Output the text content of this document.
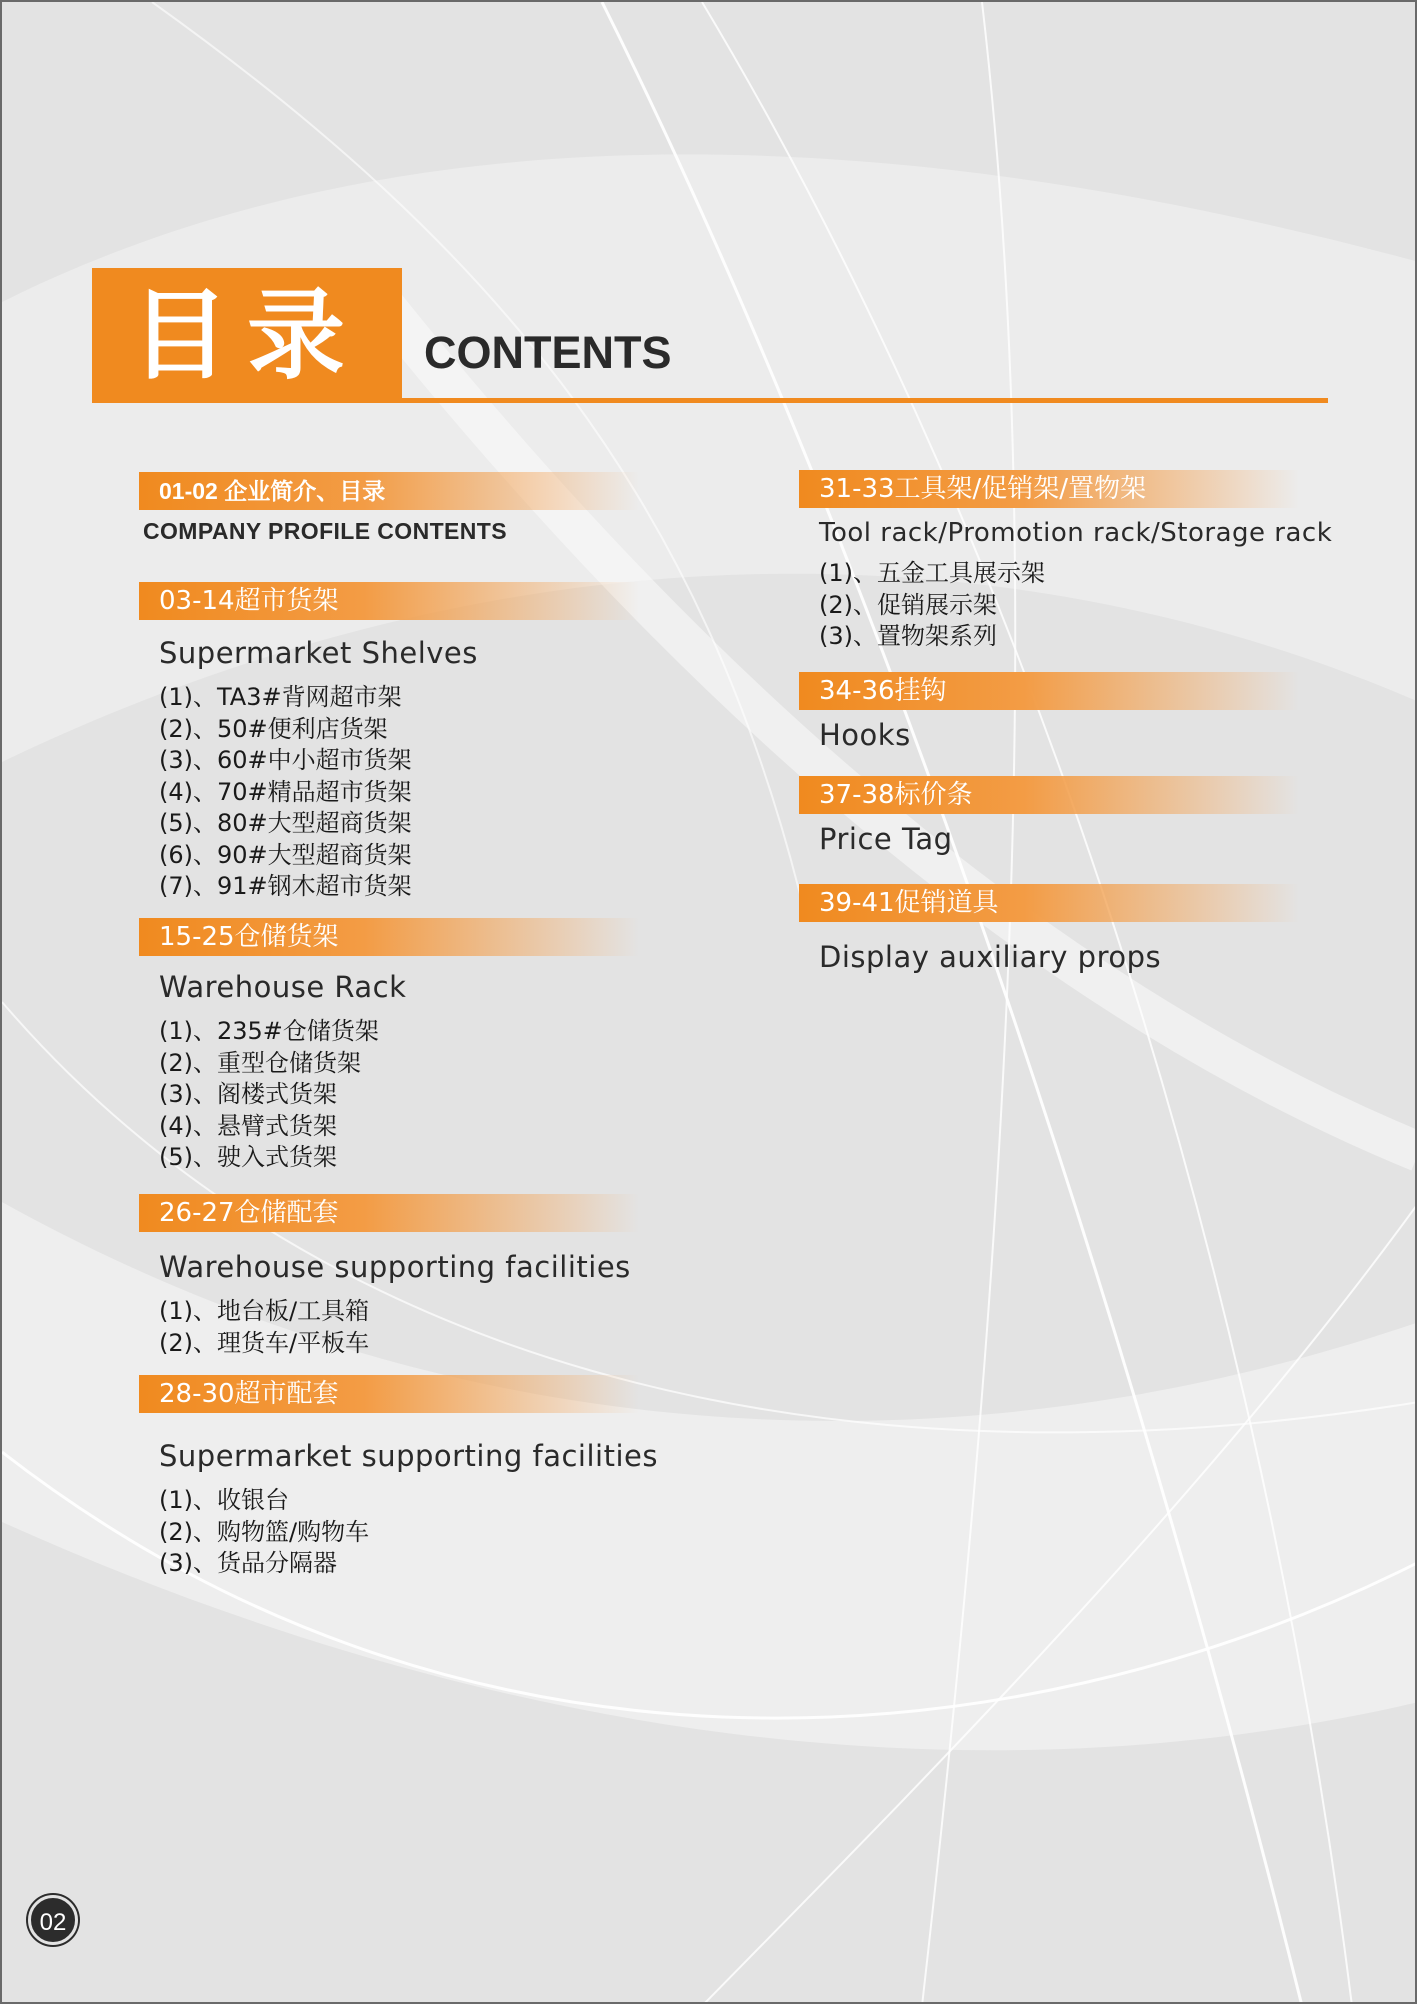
目录 CONTENTS
01-02 企业简介、目录
COMPANY PROFILE CONTENTS
03-14超市货架
Supermarket Shelves
(1)、TA3#背网超市架
(2)、50#便利店货架
(3)、60#中小超市货架
(4)、70#精品超市货架
(5)、80#大型超商货架
(6)、90#大型超商货架
(7)、91#钢木超市货架
15-25仓储货架
Warehouse Rack
(1)、235#仓储货架
(2)、重型仓储货架
(3)、阁楼式货架
(4)、悬臂式货架
(5)、驶入式货架
26-27仓储配套
Warehouse supporting facilities
(1)、地台板/工具箱
(2)、理货车/平板车
28-30超市配套
Supermarket supporting facilities
(1)、收银台
(2)、购物篮/购物车
(3)、货品分隔器
31-33工具架/促销架/置物架
Tool rack/Promotion rack/Storage rack
(1)、五金工具展示架
(2)、促销展示架
(3)、置物架系列
34-36挂钩
Hooks
37-38标价条
Price Tag
39-41促销道具
Display auxiliary props
02
